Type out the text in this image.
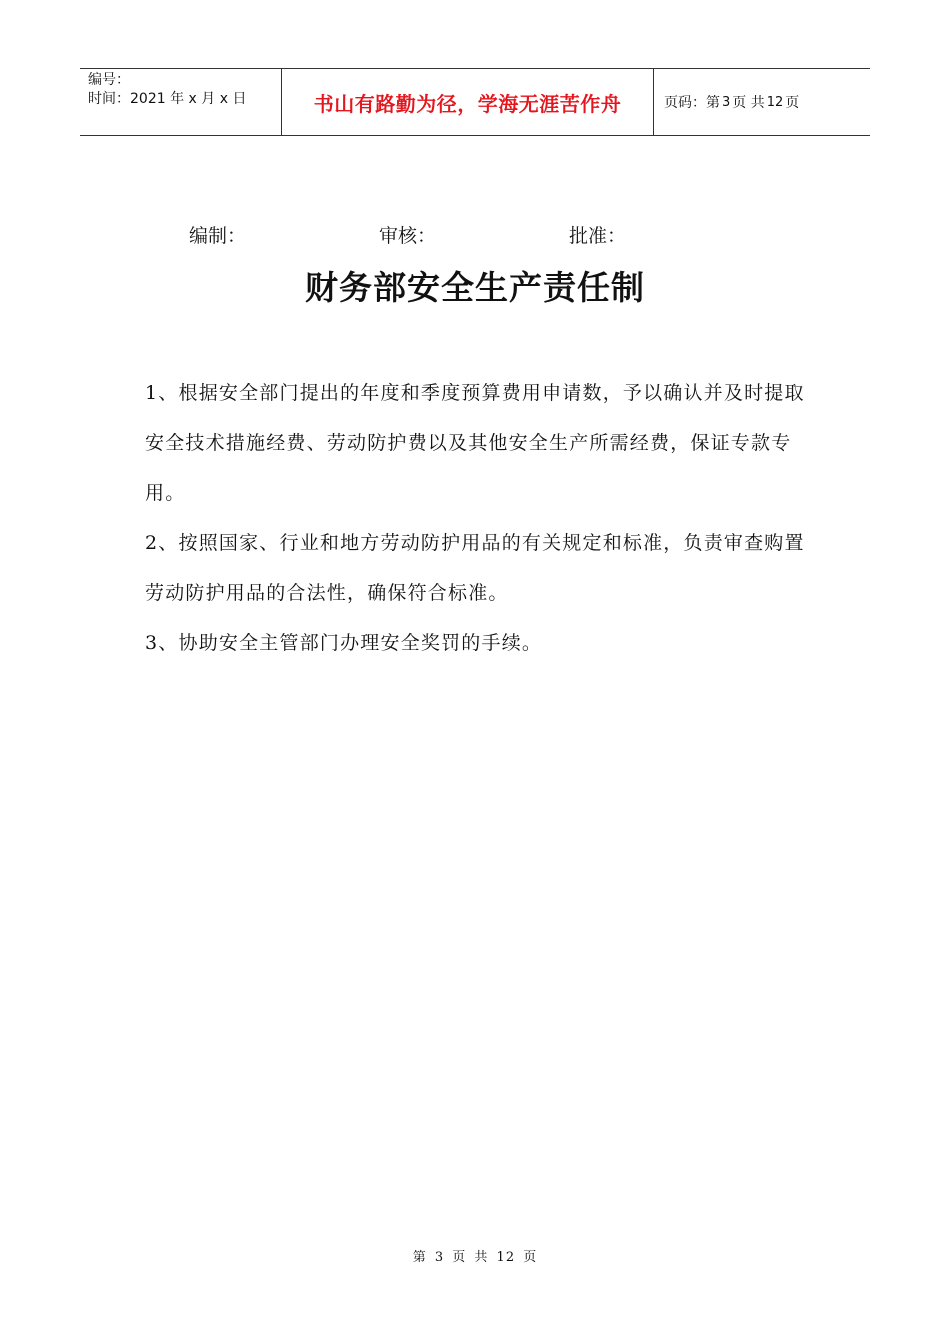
编号：
时间：2021 年 x 月 x 日	书山有路勤为径，学海无涯苦作舟	页码：第 3 页 共 12 页
编制：	审核：	批准：
财务部安全生产责任制

1、根据安全部门提出的年度和季度预算费用申请数，予以确认并及时提取安全技术措施经费、劳动防护费以及其他安全生产所需经费，保证专款专用。

2、按照国家、行业和地方劳动防护用品的有关规定和标准，负责审查购置劳动防护用品的合法性，确保符合标准。

3、协助安全主管部门办理安全奖罚的手续。

第 3 页 共 12 页
